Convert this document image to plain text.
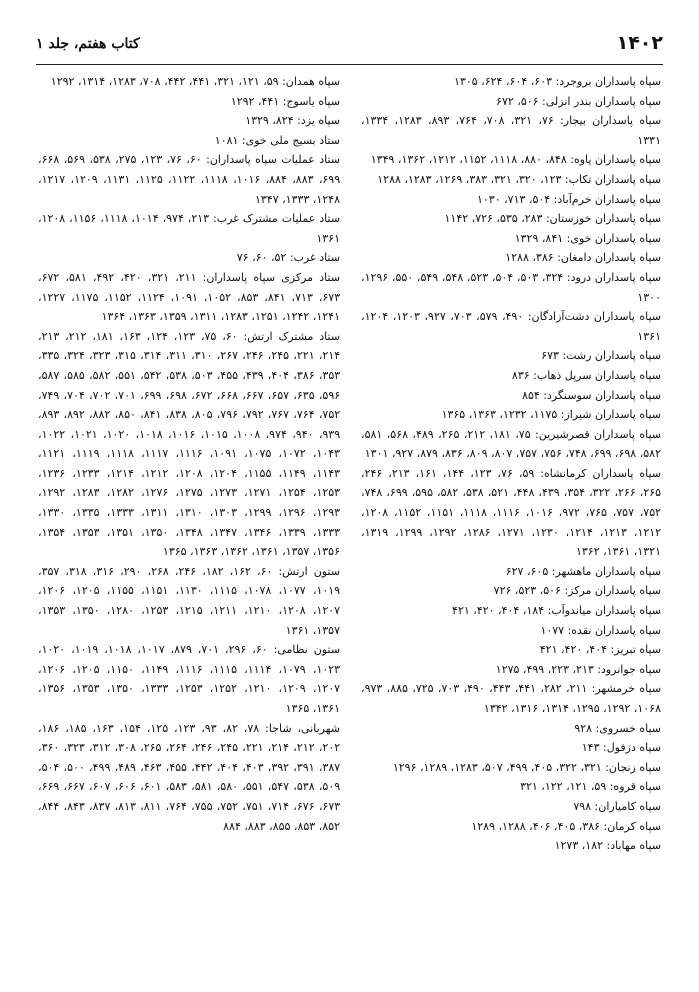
۱۴۰۲
کتاب هفتم، جلد ۱

سپاه پاسداران بروجرد: ۶۰۳، ۶۰۴، ۶۲۴، ۱۳۰۵

سپاه پاسداران بندر انزلی: ۵۰۶، ۶۷۲

سپاه پاسداران بیجار: ۷۶، ۳۲۱، ۷۰۸، ۷۶۴، ۸۹۳، ۱۲۸۳، ۱۳۳۴، ۱۳۳۱

سپاه پاسداران پاوه: ۸۴۸، ۸۸۰، ۱۱۱۸، ۱۱۵۲، ۱۲۱۲، ۱۳۶۲، ۱۳۴۹

سپاه پاسداران تکاب: ۱۲۳، ۳۲۰، ۳۲۱، ۳۸۳، ۱۲۶۹، ۱۲۸۳، ۱۲۸۸

سپاه پاسداران خرم‌آباد: ۵۰۴، ۷۱۳، ۱۰۳۰

سپاه پاسداران خوزستان: ۲۸۳، ۵۳۵، ۷۲۶، ۱۱۴۲

سپاه پاسداران خوی: ۸۴۱، ۱۳۲۹

سپاه پاسداران دامغان: ۳۸۶، ۱۲۸۸

سپاه پاسداران درود: ۳۲۴، ۵۰۳، ۵۰۴، ۵۲۳، ۵۴۸، ۵۴۹، ۵۵۰، ۱۲۹۶، ۱۳۰۰

سپاه پاسداران دشت‌آزادگان: ۴۹۰، ۵۷۹، ۷۰۳، ۹۲۷، ۱۲۰۳، ۱۲۰۴، ۱۳۶۱

سپاه پاسداران رشت: ۶۷۳

سپاه پاسداران سرپل ذهاب: ۸۳۶

سپاه پاسداران سوسنگرد: ۸۵۴

سپاه پاسداران شیراز: ۱۱۷۵، ۱۲۳۲، ۱۳۶۳، ۱۳۶۵

سپاه پاسداران قصرشیرین: ۷۵، ۱۸۱، ۲۱۲، ۲۶۵، ۴۸۹، ۵۶۸، ۵۸۱، ۵۸۲، ۶۹۸، ۶۹۹، ۷۴۸، ۷۵۶، ۷۵۷، ۸۰۷، ۸۰۹، ۸۳۶، ۸۷۹، ۹۲۷، ۱۳۰۱

سپاه پاسداران کرمانشاه: ۵۹، ۷۶، ۱۲۳، ۱۴۴، ۱۶۱، ۲۱۳، ۲۴۶، ۲۶۵، ۲۶۶، ۳۲۲، ۳۵۴، ۴۳۹، ۴۴۸، ۵۲۱، ۵۳۸، ۵۸۲، ۵۹۵، ۶۹۹، ۷۴۸، ۷۵۲، ۷۵۷، ۷۶۵، ۹۷۲، ۱۰۱۶، ۱۱۱۶، ۱۱۱۸، ۱۱۵۱، ۱۱۵۲، ۱۲۰۸، ۱۲۱۲، ۱۲۱۳، ۱۲۱۴، ۱۲۳۰، ۱۲۷۱، ۱۲۸۶، ۱۲۹۲، ۱۲۹۹، ۱۳۱۹، ۱۳۲۱، ۱۳۶۱، ۱۳۶۲

سپاه پاسداران ماهشهر: ۶۰۵، ۶۲۷

سپاه پاسداران مرکز: ۵۰۶، ۵۲۳، ۷۲۶

سپاه پاسداران میاندوآب: ۱۸۴، ۴۰۴، ۴۲۰، ۴۲۱

سپاه پاسداران نقده: ۱۰۷۷

سپاه تبریز: ۴۰۴، ۴۲۰، ۴۲۱

سپاه جوانرود: ۲۱۳، ۲۲۳، ۴۹۹، ۱۲۷۵

سپاه خرمشهر: ۲۱۱، ۲۸۲، ۴۴۱، ۴۴۳، ۴۹۰، ۷۰۳، ۷۲۵، ۸۸۵، ۹۷۳، ۱۰۶۸، ۱۲۹۲، ۱۲۹۵، ۱۳۱۴، ۱۳۱۶، ۱۳۴۲

سپاه خسروی: ۹۲۸

سپاه دزفول: ۱۴۳

سپاه زنجان: ۳۲۱، ۳۲۲، ۴۰۵، ۴۹۹، ۵۰۷، ۱۲۸۳، ۱۲۸۹، ۱۲۹۶

سپاه قروه: ۵۹، ۱۲۱، ۱۲۲، ۳۲۱

سپاه کامیاران: ۷۹۸

سپاه کرمان: ۳۸۶، ۴۰۵، ۴۰۶، ۱۲۸۸، ۱۲۸۹

سپاه مهاباد: ۱۸۲، ۱۲۷۳

سپاه همدان: ۵۹، ۱۲۱، ۳۲۱، ۴۴۱، ۴۴۲، ۷۰۸، ۱۲۸۳، ۱۳۱۴، ۱۲۹۲

سپاه یاسوج: ۴۴۱، ۱۲۹۲

سپاه یزد: ۸۲۴، ۱۳۲۹

ستاد بسیج ملی خوی: ۱۰۸۱

ستاد عملیات سپاه پاسداران: ۶۰، ۷۶، ۱۲۳، ۲۷۵، ۵۳۸، ۵۶۹، ۶۶۸، ۶۹۹، ۸۸۳، ۸۸۴، ۱۰۱۶، ۱۱۱۸، ۱۱۲۲، ۱۱۲۵، ۱۱۳۱، ۱۲۰۹، ۱۲۱۷، ۱۲۴۸، ۱۳۳۳، ۱۳۴۷

ستاد عملیات مشترک غرب: ۲۱۳، ۹۷۴، ۱۰۱۴، ۱۱۱۸، ۱۱۵۶، ۱۲۰۸، ۱۳۶۱

ستاد غرب: ۵۲، ۶۰، ۷۶

ستاد مرکزی سپاه پاسداران: ۲۱۱، ۳۲۱، ۴۲۰، ۴۹۲، ۵۸۱، ۶۷۲، ۶۷۳، ۷۱۳، ۸۴۱، ۸۵۳، ۱۰۵۲، ۱۰۹۱، ۱۱۲۴، ۱۱۵۲، ۱۱۷۵، ۱۲۲۷، ۱۲۴۱، ۱۲۴۲، ۱۲۵۱، ۱۲۸۳، ۱۳۱۱، ۱۳۵۹، ۱۳۶۳، ۱۳۶۴

ستاد مشترک ارتش: ۶۰، ۷۵، ۱۲۳، ۱۲۴، ۱۶۳، ۱۸۱، ۲۱۲، ۲۱۳، ۲۱۴، ۲۲۱، ۲۴۵، ۲۴۶، ۲۶۷، ۳۱۰، ۳۱۱، ۳۱۴، ۳۱۵، ۳۲۳، ۳۲۴، ۳۳۵، ۳۵۳، ۳۸۶، ۴۰۴، ۴۳۹، ۴۵۵، ۵۰۳، ۵۳۸، ۵۴۲، ۵۵۱، ۵۸۲، ۵۸۵، ۵۸۷، ۵۹۶، ۶۳۵، ۶۵۷، ۶۶۷، ۶۶۸، ۶۷۲، ۶۹۸، ۶۹۹، ۷۰۱، ۷۰۲، ۷۰۴، ۷۴۹، ۷۵۲، ۷۶۴، ۷۶۷، ۷۹۲، ۷۹۶، ۸۰۵، ۸۳۸، ۸۴۱، ۸۵۰، ۸۸۲، ۸۹۲، ۸۹۳، ۹۳۹، ۹۴۰، ۹۷۴، ۱۰۰۸، ۱۰۱۵، ۱۰۱۶، ۱۰۱۸، ۱۰۲۰، ۱۰۲۱، ۱۰۲۲، ۱۰۴۳، ۱۰۷۲، ۱۰۷۵، ۱۰۹۱، ۱۱۱۶، ۱۱۱۷، ۱۱۱۸، ۱۱۱۹، ۱۱۲۱، ۱۱۴۳، ۱۱۴۹، ۱۱۵۵، ۱۲۰۴، ۱۲۰۸، ۱۲۱۲، ۱۲۱۴، ۱۲۳۳، ۱۲۳۶، ۱۲۵۳، ۱۲۵۴، ۱۲۷۱، ۱۲۷۳، ۱۲۷۵، ۱۲۷۶، ۱۲۸۲، ۱۲۸۳، ۱۲۹۲، ۱۲۹۳، ۱۲۹۶، ۱۲۹۹، ۱۳۰۳، ۱۳۱۰، ۱۳۱۱، ۱۳۳۳، ۱۳۳۵، ۱۳۳۰، ۱۳۳۳، ۱۳۳۹، ۱۳۴۶، ۱۳۴۷، ۱۳۴۸، ۱۳۵۰، ۱۳۵۱، ۱۳۵۳، ۱۳۵۴، ۱۳۵۶، ۱۳۵۷، ۱۳۶۱، ۱۳۶۲، ۱۳۶۳، ۱۳۶۵

ستون ارتش: ۶۰، ۱۶۲، ۱۸۲، ۲۴۶، ۲۶۸، ۲۹۰، ۳۱۶، ۳۱۸، ۳۵۷، ۱۰۱۹، ۱۰۷۷، ۱۰۷۸، ۱۱۱۵، ۱۱۳۰، ۱۱۵۱، ۱۱۵۵، ۱۲۰۵، ۱۲۰۶، ۱۲۰۷، ۱۲۰۸، ۱۲۱۰، ۱۲۱۱، ۱۲۱۵، ۱۲۵۳، ۱۲۸۰، ۱۳۵۰، ۱۳۵۳، ۱۳۵۷، ۱۳۶۱

ستون نظامی: ۶۰، ۲۹۶، ۷۰۱، ۸۷۹، ۱۰۱۷، ۱۰۱۸، ۱۰۱۹، ۱۰۲۰، ۱۰۲۳، ۱۰۷۹، ۱۱۱۴، ۱۱۱۵، ۱۱۱۶، ۱۱۴۹، ۱۱۵۰، ۱۲۰۵، ۱۲۰۶، ۱۲۰۷، ۱۲۰۹، ۱۲۱۰، ۱۲۵۲، ۱۲۵۳، ۱۳۳۳، ۱۳۵۰، ۱۳۵۳، ۱۳۵۶، ۱۳۶۱، ۱۳۶۵

شهربانی، شاجا: ۷۸، ۸۲، ۹۳، ۱۲۳، ۱۲۵، ۱۵۴، ۱۶۳، ۱۸۵، ۱۸۶، ۲۰۲، ۲۱۲، ۲۱۴، ۲۲۱، ۲۴۵، ۲۴۶، ۲۶۴، ۲۶۵، ۳۰۸، ۳۱۲، ۳۲۳، ۳۶۰، ۳۸۷، ۳۹۱، ۳۹۲، ۴۰۳، ۴۰۴، ۴۴۲، ۴۵۵، ۴۶۳، ۴۸۹، ۴۹۹، ۵۰۰، ۵۰۴، ۵۰۹، ۵۳۸، ۵۴۷، ۵۵۱، ۵۸۰، ۵۸۱، ۵۸۳، ۶۰۱، ۶۰۶، ۶۰۷، ۶۶۷، ۶۶۹، ۶۷۳، ۶۷۶، ۷۱۴، ۷۵۱، ۷۵۲، ۷۵۵، ۷۶۴، ۸۱۱، ۸۱۳، ۸۳۷، ۸۴۳، ۸۴۴، ۸۵۲، ۸۵۳، ۸۵۵، ۸۸۳، ۸۸۴
